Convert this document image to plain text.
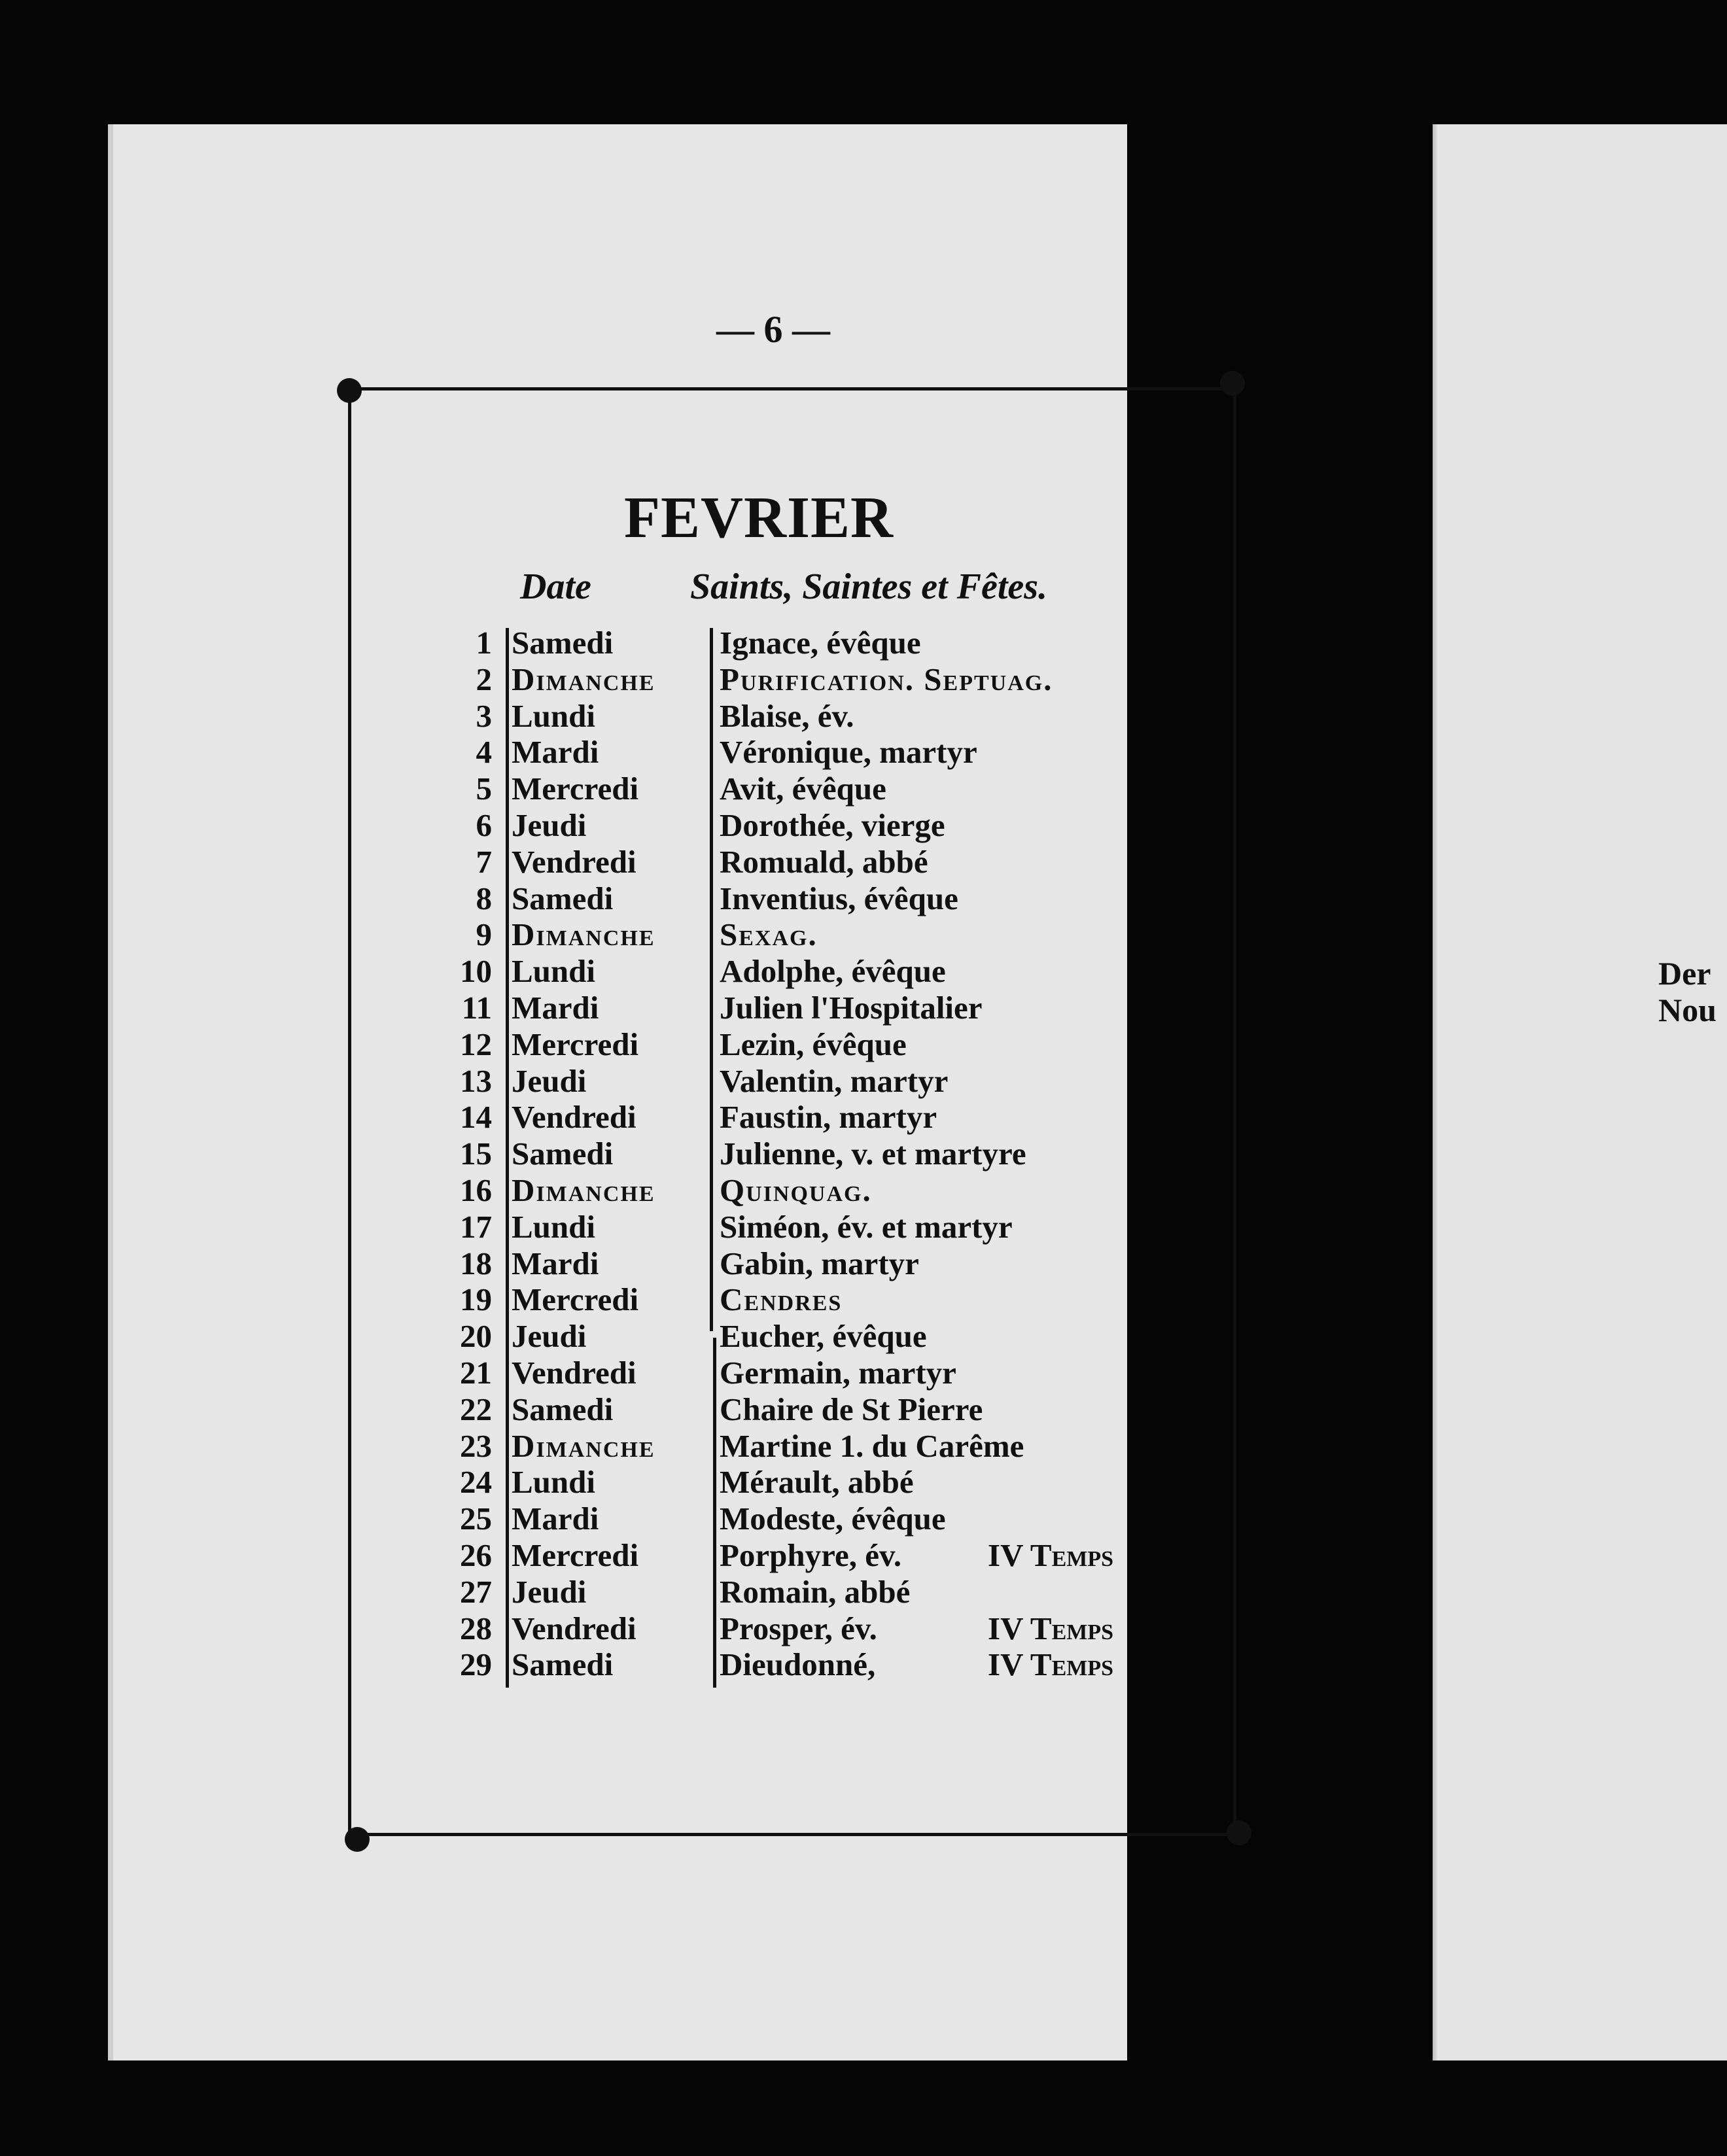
Der
Nou
— 6 —
FEVRIER
Date	Saints, Saintes et Fêtes.
1 Samedi	Ignace, évêque
2 Dimanche Purification. Septuag.
3 Lundi	Blaise, év.
4 Mardi	Véronique, martyr
5 Mercredi	Avit, évêque
6 Jeudi	Dorothée, vierge
7 Vendredi	Romuald, abbé
8 Samedi	Inventius, évêque
9 Dimanche Sexag.
10 Lundi	Adolphe, évêque
11 Mardi	Julien l'Hospitalier
12 Mercredi	Lezin, évêque
13 Jeudi	Valentin, martyr
14 Vendredi	Faustin, martyr
15 Samedi	Julienne, v. et martyre
16 Dimanche Quinquag.
17 Lundi	Siméon, év. et martyr
18 Mardi	Gabin, martyr
19 Mercredi	Cendres
20 Jeudi	Eucher, évêque
21 Vendredi	Germain, martyr
22 Samedi	Chaire de St Pierre
23 Dimanche Martine 1. du Carême
24 Lundi	Mérault, abbé
25 Mardi	Modeste, évêque
26 Mercredi	Porphyre, év.	IV Temps
27 Jeudi	Romain, abbé
28 Vendredi	Prosper, év.	IV Temps
29 Samedi	Dieudonné,	IV Temps
